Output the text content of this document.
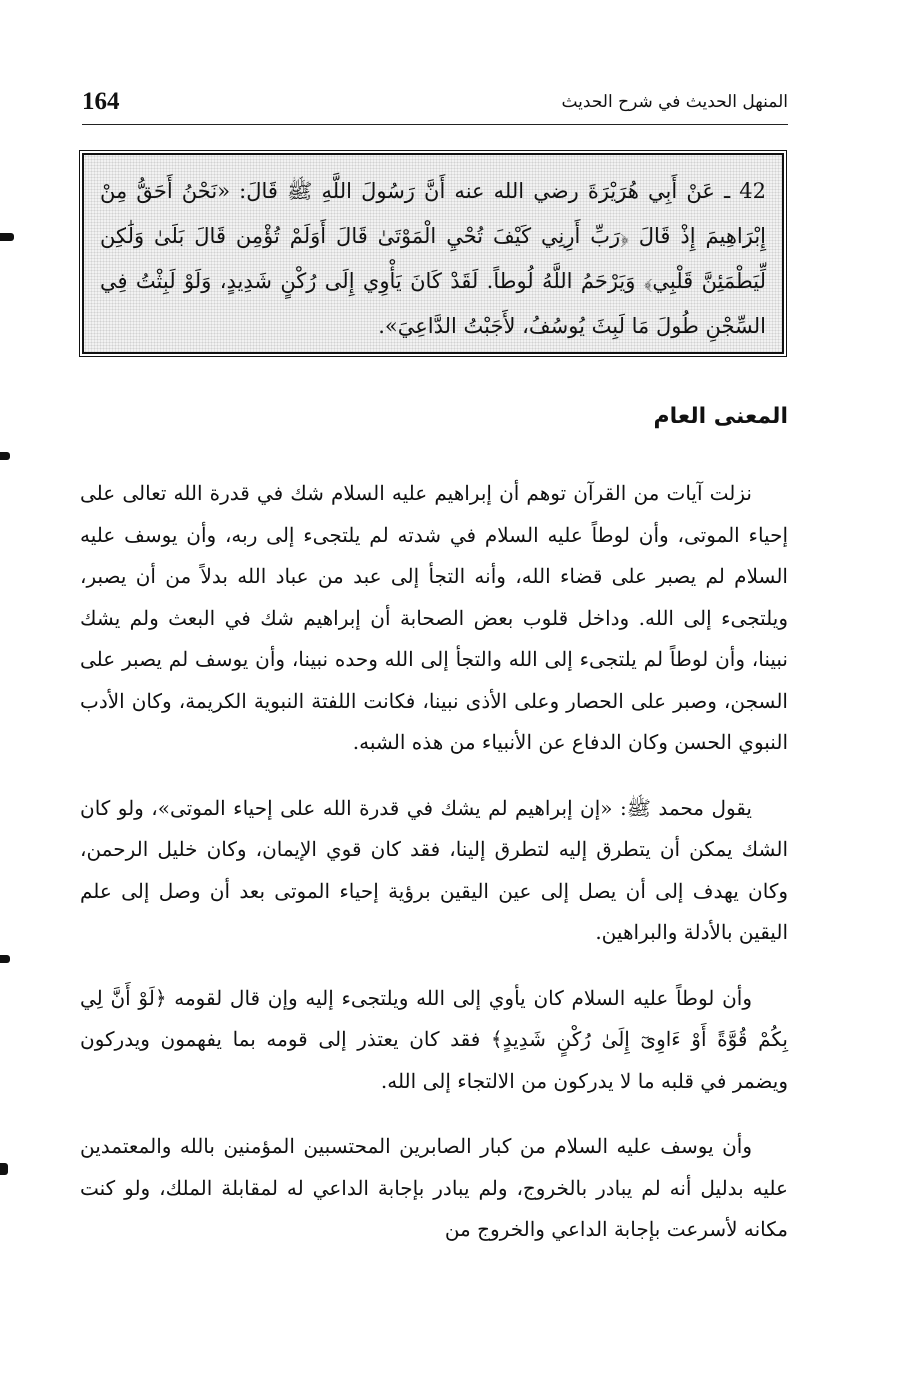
164	المنهل الحديث في شرح الحديث

42 ـ عَنْ أَبِي هُرَيْرَةَ رضي الله عنه أَنَّ رَسُولَ اللَّهِ ﷺ قَالَ: «نَحْنُ أَحَقُّ مِنْ إِبْرَاهِيمَ إِذْ قَالَ ﴿رَبِّ أَرِنِي كَيْفَ تُحْيِ الْمَوْتَىٰ قَالَ أَوَلَمْ تُؤْمِن قَالَ بَلَىٰ وَلَٰكِن لِّيَطْمَئِنَّ قَلْبِي﴾ وَيَرْحَمُ اللَّهُ لُوطاً. لَقَدْ كَانَ يَأْوِي إِلَى رُكْنٍ شَدِيدٍ، وَلَوْ لَبِثْتُ فِي السِّجْنِ طُولَ مَا لَبِثَ يُوسُفُ، لأَجَبْتُ الدَّاعِيَ».

المعنى العام

نزلت آيات من القرآن توهم أن إبراهيم عليه السلام شك في قدرة الله تعالى على إحياء الموتى، وأن لوطاً عليه السلام في شدته لم يلتجىء إلى ربه، وأن يوسف عليه السلام لم يصبر على قضاء الله، وأنه التجأ إلى عبد من عباد الله بدلاً من أن يصبر، ويلتجىء إلى الله. وداخل قلوب بعض الصحابة أن إبراهيم شك في البعث ولم يشك نبينا، وأن لوطاً لم يلتجىء إلى الله والتجأ إلى الله وحده نبينا، وأن يوسف لم يصبر على السجن، وصبر على الحصار وعلى الأذى نبينا، فكانت اللفتة النبوية الكريمة، وكان الأدب النبوي الحسن وكان الدفاع عن الأنبياء من هذه الشبه.

يقول محمد ﷺ: «إن إبراهيم لم يشك في قدرة الله على إحياء الموتى»، ولو كان الشك يمكن أن يتطرق إليه لتطرق إلينا، فقد كان قوي الإيمان، وكان خليل الرحمن، وكان يهدف إلى أن يصل إلى عين اليقين برؤية إحياء الموتى بعد أن وصل إلى علم اليقين بالأدلة والبراهين.

وأن لوطاً عليه السلام كان يأوي إلى الله ويلتجىء إليه وإن قال لقومه ﴿لَوْ أَنَّ لِي بِكُمْ قُوَّةً أَوْ ءَاوِىٓ إِلَىٰ رُكْنٍ شَدِيدٍ﴾ فقد كان يعتذر إلى قومه بما يفهمون ويدركون ويضمر في قلبه ما لا يدركون من الالتجاء إلى الله.

وأن يوسف عليه السلام من كبار الصابرين المحتسبين المؤمنين بالله والمعتمدين عليه بدليل أنه لم يبادر بالخروج، ولم يبادر بإجابة الداعي له لمقابلة الملك، ولو كنت مكانه لأسرعت بإجابة الداعي والخروج من
